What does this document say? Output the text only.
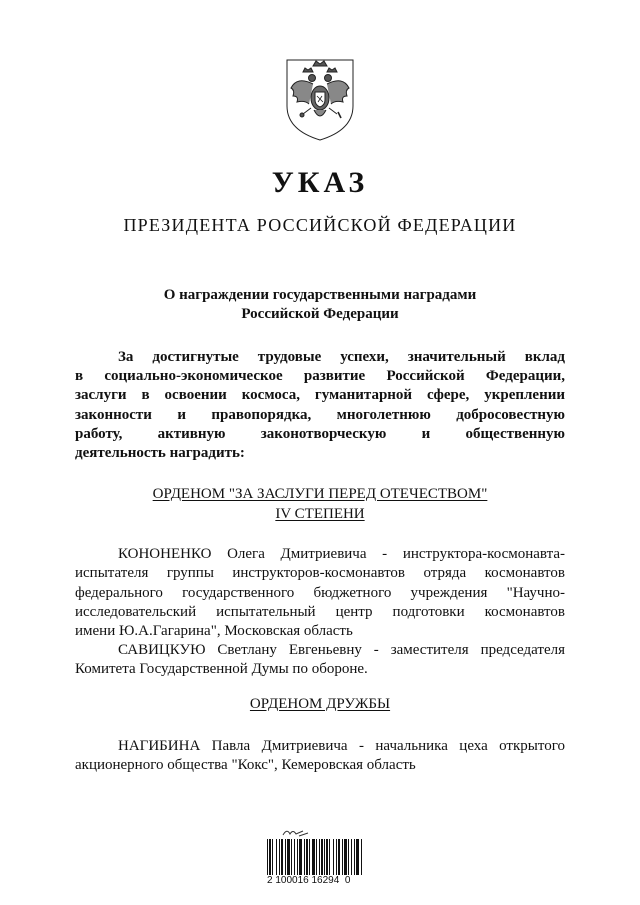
УКАЗ
ПРЕЗИДЕНТА РОССИЙСКОЙ ФЕДЕРАЦИИ
О награждении государственными наградами
Российской Федерации
За достигнутые трудовые успехи, значительный вклад
в социально-экономическое развитие Российской Федерации,
заслуги в освоении космоса, гуманитарной сфере, укреплении
законности и правопорядка, многолетнюю добросовестную
работу, активную законотворческую и общественную
деятельность наградить:
ОРДЕНОМ "ЗА ЗАСЛУГИ ПЕРЕД ОТЕЧЕСТВОМ"
IV СТЕПЕНИ
КОНОНЕНКО Олега Дмитриевича - инструктора-космонавта-
испытателя группы инструкторов-космонавтов отряда космонавтов
федерального государственного бюджетного учреждения "Научно-
исследовательский испытательный центр подготовки космонавтов
имени Ю.А.Гагарина", Московская область
САВИЦКУЮ Светлану Евгеньевну - заместителя председателя
Комитета Государственной Думы по обороне.
ОРДЕНОМ ДРУЖБЫ
НАГИБИНА Павла Дмитриевича - начальника цеха открытого
акционерного общества "Кокс", Кемеровская область
2 100016 16294  0
